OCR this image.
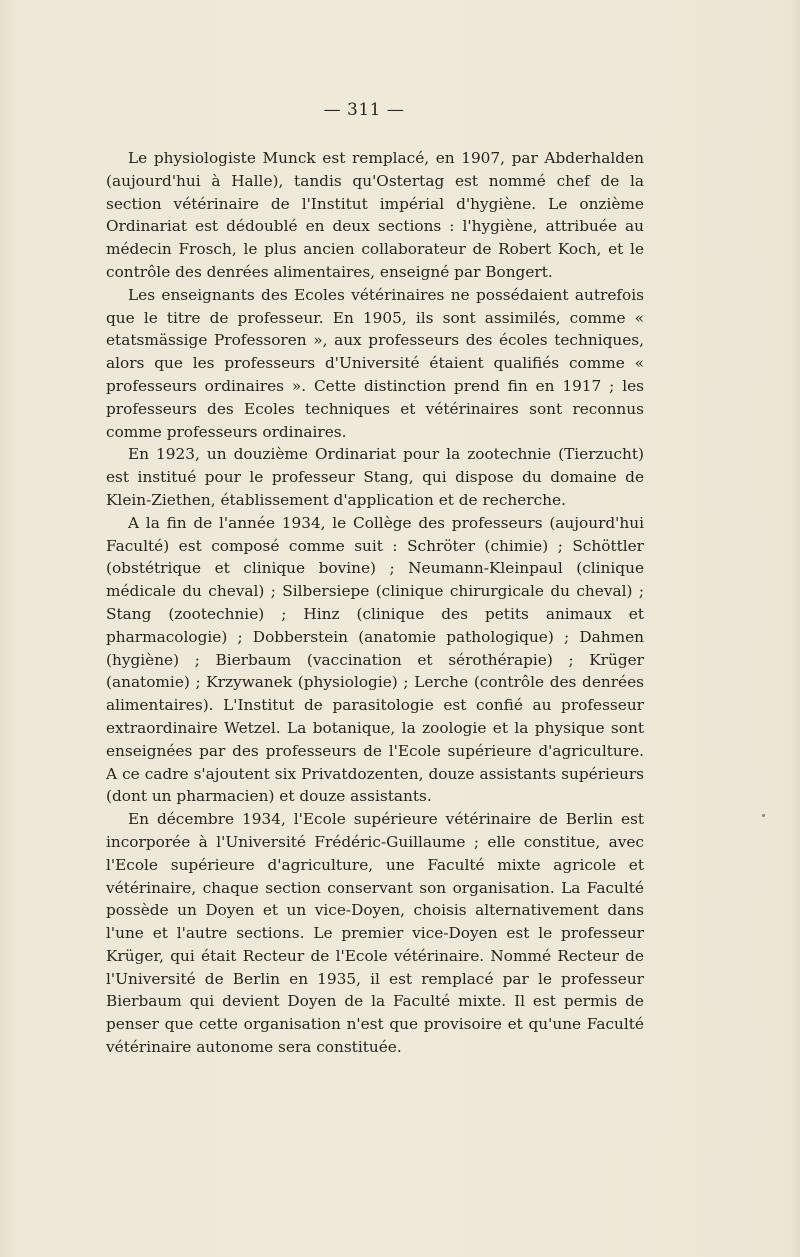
— 311 —

Le physiologiste Munck est remplacé, en 1907, par Abderhalden (aujourd'hui à Halle), tandis qu'Ostertag est nommé chef de la section vétérinaire de l'Institut impérial d'hygiène. Le onzième Ordinariat est dédoublé en deux sections : l'hygiène, attribuée au médecin Frosch, le plus ancien collaborateur de Robert Koch, et le contrôle des denrées alimentaires, enseigné par Bongert.

Les enseignants des Ecoles vétérinaires ne possédaient autrefois que le titre de professeur. En 1905, ils sont assimilés, comme « etatsmässige Professoren », aux professeurs des écoles techniques, alors que les professeurs d'Université étaient qualifiés comme « professeurs ordinaires ». Cette distinction prend fin en 1917 ; les professeurs des Ecoles techniques et vétérinaires sont reconnus comme professeurs ordinaires.

En 1923, un douzième Ordinariat pour la zootechnie (Tierzucht) est institué pour le professeur Stang, qui dispose du domaine de Klein-Ziethen, établissement d'application et de recherche.

A la fin de l'année 1934, le Collège des professeurs (aujourd'hui Faculté) est composé comme suit : Schröter (chimie) ; Schöttler (obstétrique et clinique bovine) ; Neumann-Kleinpaul (clinique médicale du cheval) ; Silbersiepe (clinique chirurgicale du cheval) ; Stang (zootechnie) ; Hinz (clinique des petits animaux et pharmacologie) ; Dobberstein (anatomie pathologique) ; Dahmen (hygiène) ; Bierbaum (vaccination et sérothérapie) ; Krüger (anatomie) ; Krzywanek (physiologie) ; Lerche (contrôle des denrées alimentaires). L'Institut de parasitologie est confié au professeur extraordinaire Wetzel. La botanique, la zoologie et la physique sont enseignées par des professeurs de l'Ecole supérieure d'agriculture. A ce cadre s'ajoutent six Privatdozenten, douze assistants supérieurs (dont un pharmacien) et douze assistants.

En décembre 1934, l'Ecole supérieure vétérinaire de Berlin est incorporée à l'Université Frédéric-Guillaume ; elle constitue, avec l'Ecole supérieure d'agriculture, une Faculté mixte agricole et vétérinaire, chaque section conservant son organisation. La Faculté possède un Doyen et un vice-Doyen, choisis alternativement dans l'une et l'autre sections. Le premier vice-Doyen est le professeur Krüger, qui était Recteur de l'Ecole vétérinaire. Nommé Recteur de l'Université de Berlin en 1935, il est remplacé par le professeur Bierbaum qui devient Doyen de la Faculté mixte. Il est permis de penser que cette organisation n'est que provisoire et qu'une Faculté vétérinaire autonome sera constituée.
